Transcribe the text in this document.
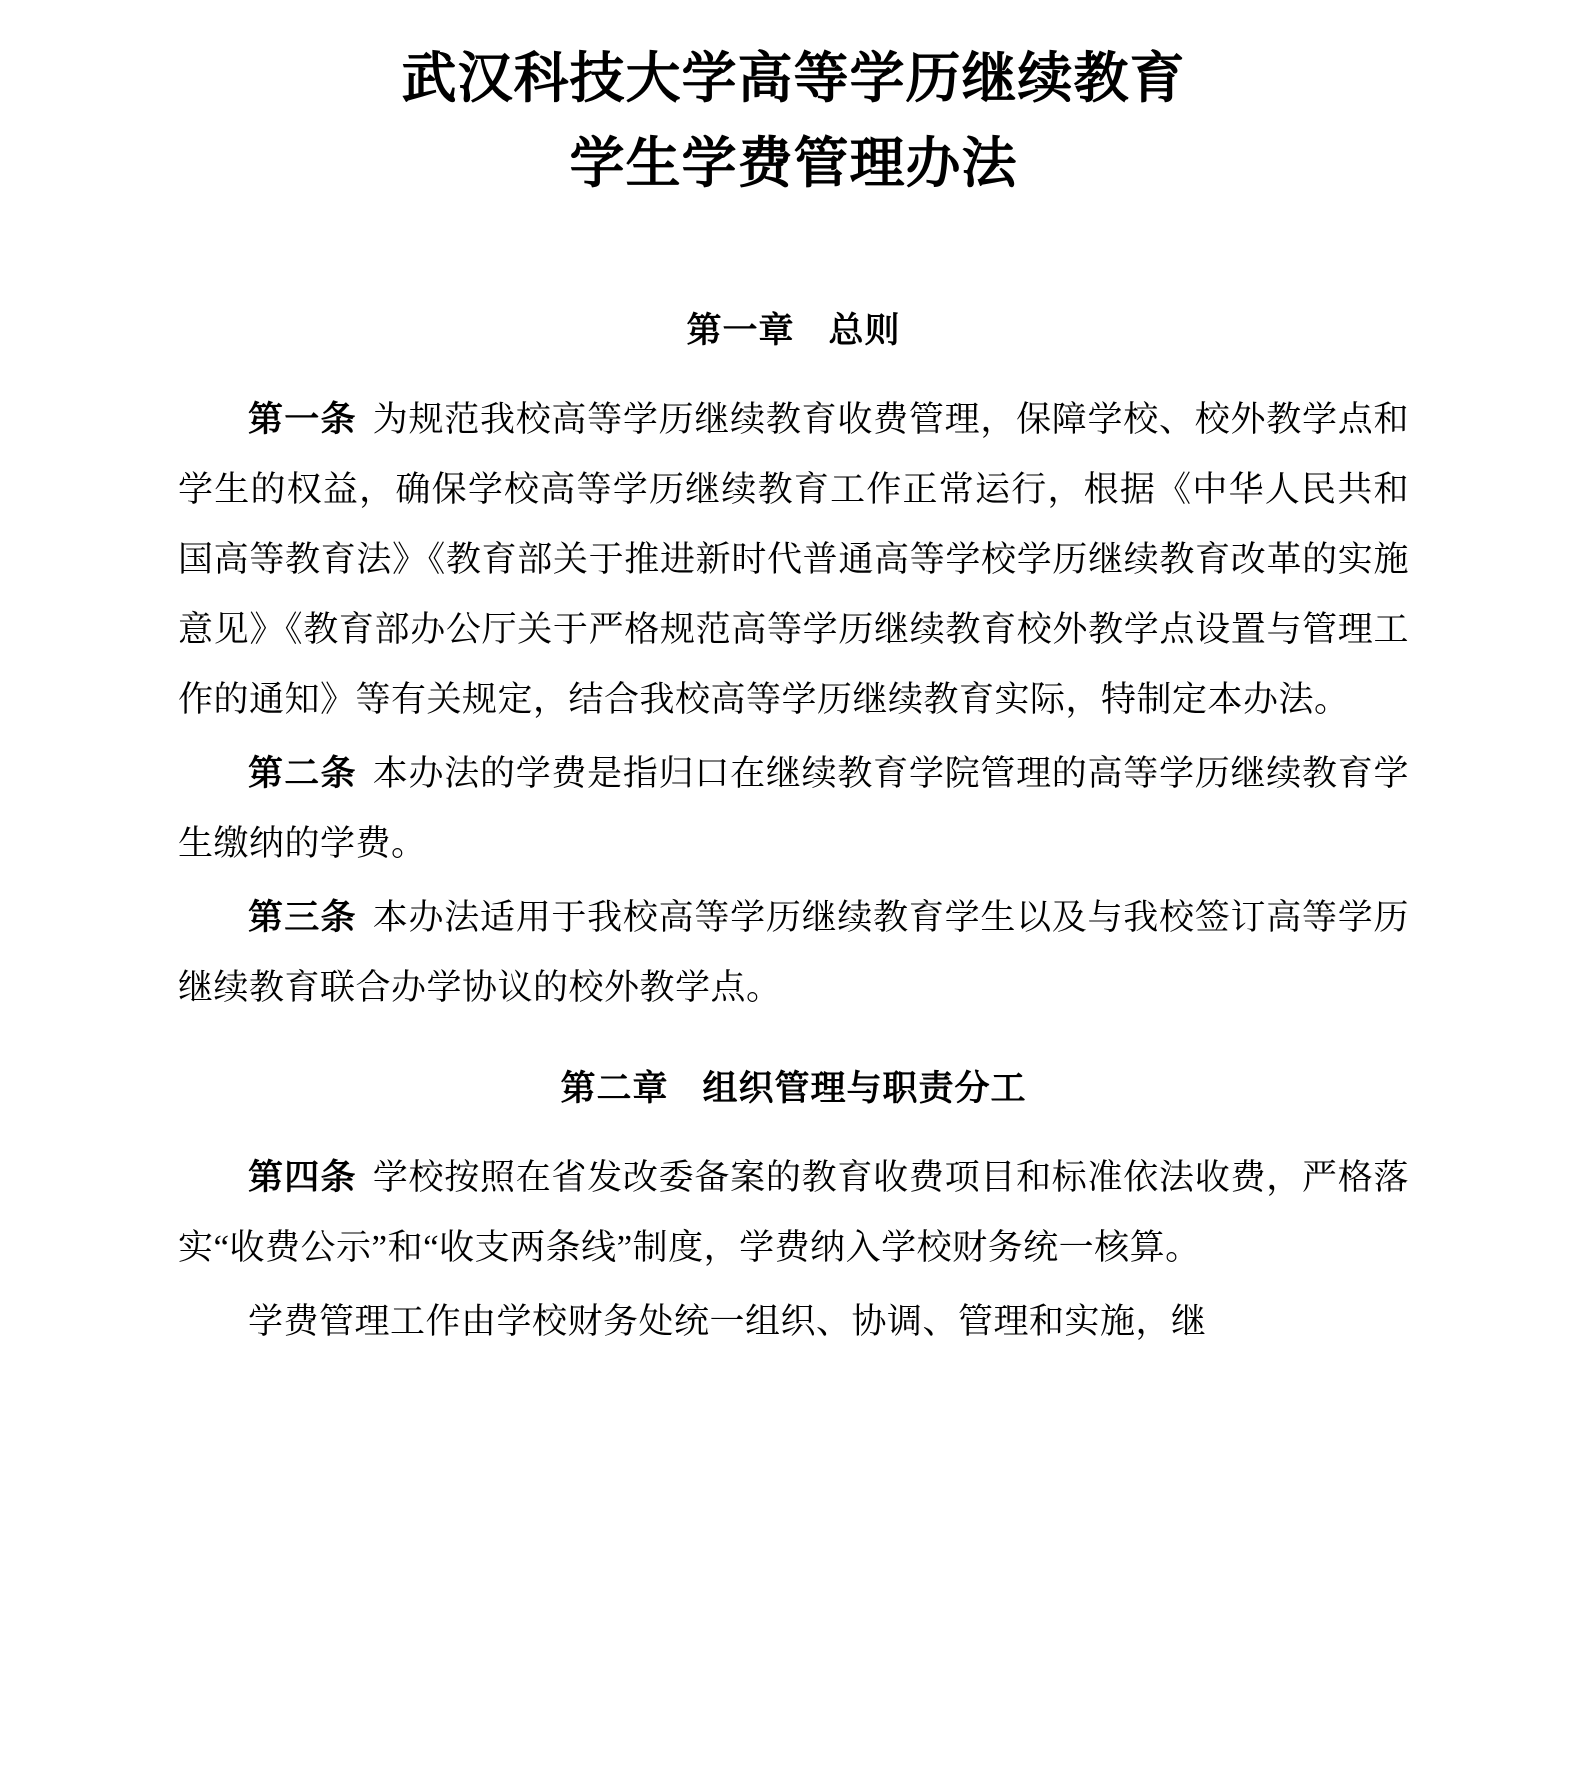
武汉科技大学高等学历继续教育
学生学费管理办法
第一章 总则

第一条 为规范我校高等学历继续教育收费管理，保障学校、校外教学点和学生的权益，确保学校高等学历继续教育工作正常运行，根据《中华人民共和国高等教育法》《教育部关于推进新时代普通高等学校学历继续教育改革的实施意见》《教育部办公厅关于严格规范高等学历继续教育校外教学点设置与管理工作的通知》等有关规定，结合我校高等学历继续教育实际，特制定本办法。

第二条 本办法的学费是指归口在继续教育学院管理的高等学历继续教育学生缴纳的学费。

第三条 本办法适用于我校高等学历继续教育学生以及与我校签订高等学历继续教育联合办学协议的校外教学点。

第二章 组织管理与职责分工

第四条 学校按照在省发改委备案的教育收费项目和标准依法收费，严格落实“收费公示”和“收支两条线”制度，学费纳入学校财务统一核算。

学费管理工作由学校财务处统一组织、协调、管理和实施，继
